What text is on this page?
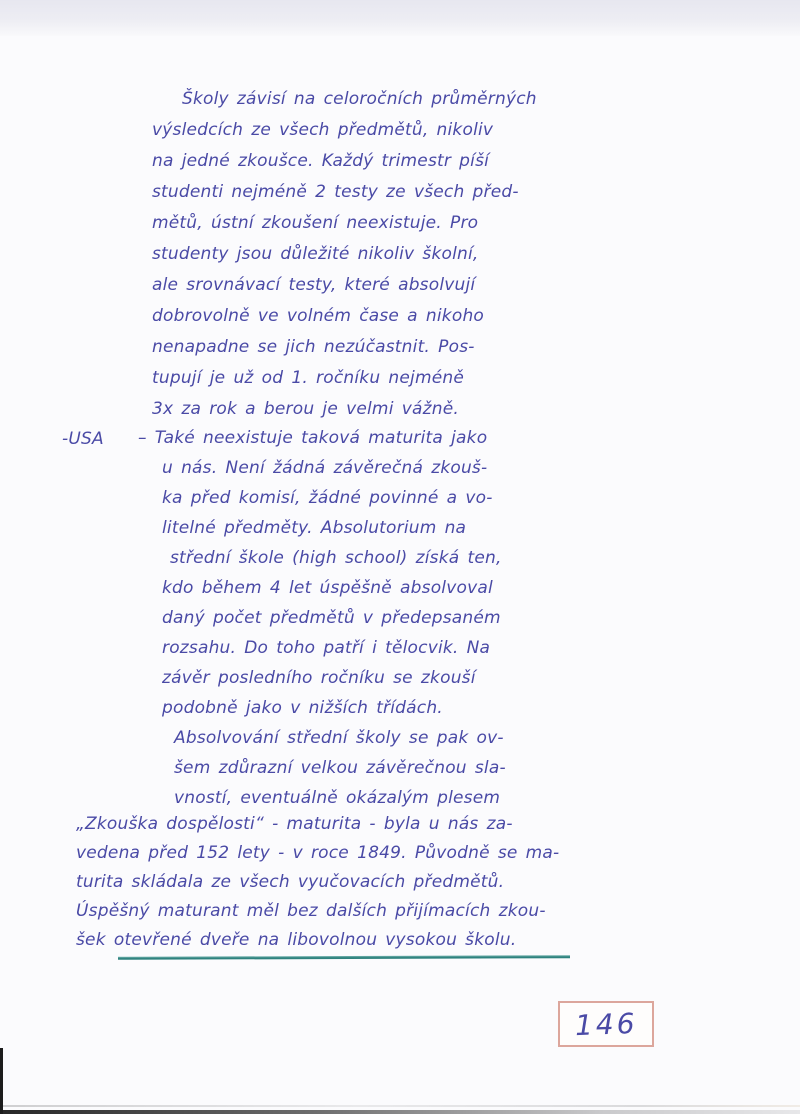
Školy závisí na celoročních průměrných
výsledcích ze všech předmětů, nikoliv
na jedné zkoušce. Každý trimestr píší
studenti nejméně 2 testy ze všech před-
mětů, ústní zkoušení neexistuje. Pro
studenty jsou důležité nikoliv školní,
ale srovnávací testy, které absolvují
dobrovolně ve volném čase a nikoho
nenapadne se jich nezúčastnit. Pos-
tupují je už od 1. ročníku nejméně
3x za rok a berou je velmi vážně.
-USA – Také neexistuje taková maturita jako
u nás. Není žádná závěrečná zkouš-
ka před komisí, žádné povinné a vo-
litelné předměty. Absolutorium na
střední škole (high school) získá ten,
kdo během 4 let úspěšně absolvoval
daný počet předmětů v předepsaném
rozsahu. Do toho patří i tělocvik. Na
závěr posledního ročníku se zkouší
podobně jako v nižších třídách.
Absolvování střední školy se pak ov-
šem zdůrazní velkou závěrečnou sla-
vností, eventuálně okázalým plesem
„Zkouška dospělosti“ - maturita - byla u nás za-
vedena před 152 lety - v roce 1849. Původně se ma-
turita skládala ze všech vyučovacích předmětů.
Úspěšný maturant měl bez dalších přijímacích zkou-
šek otevřené dveře na libovolnou vysokou školu.
146
